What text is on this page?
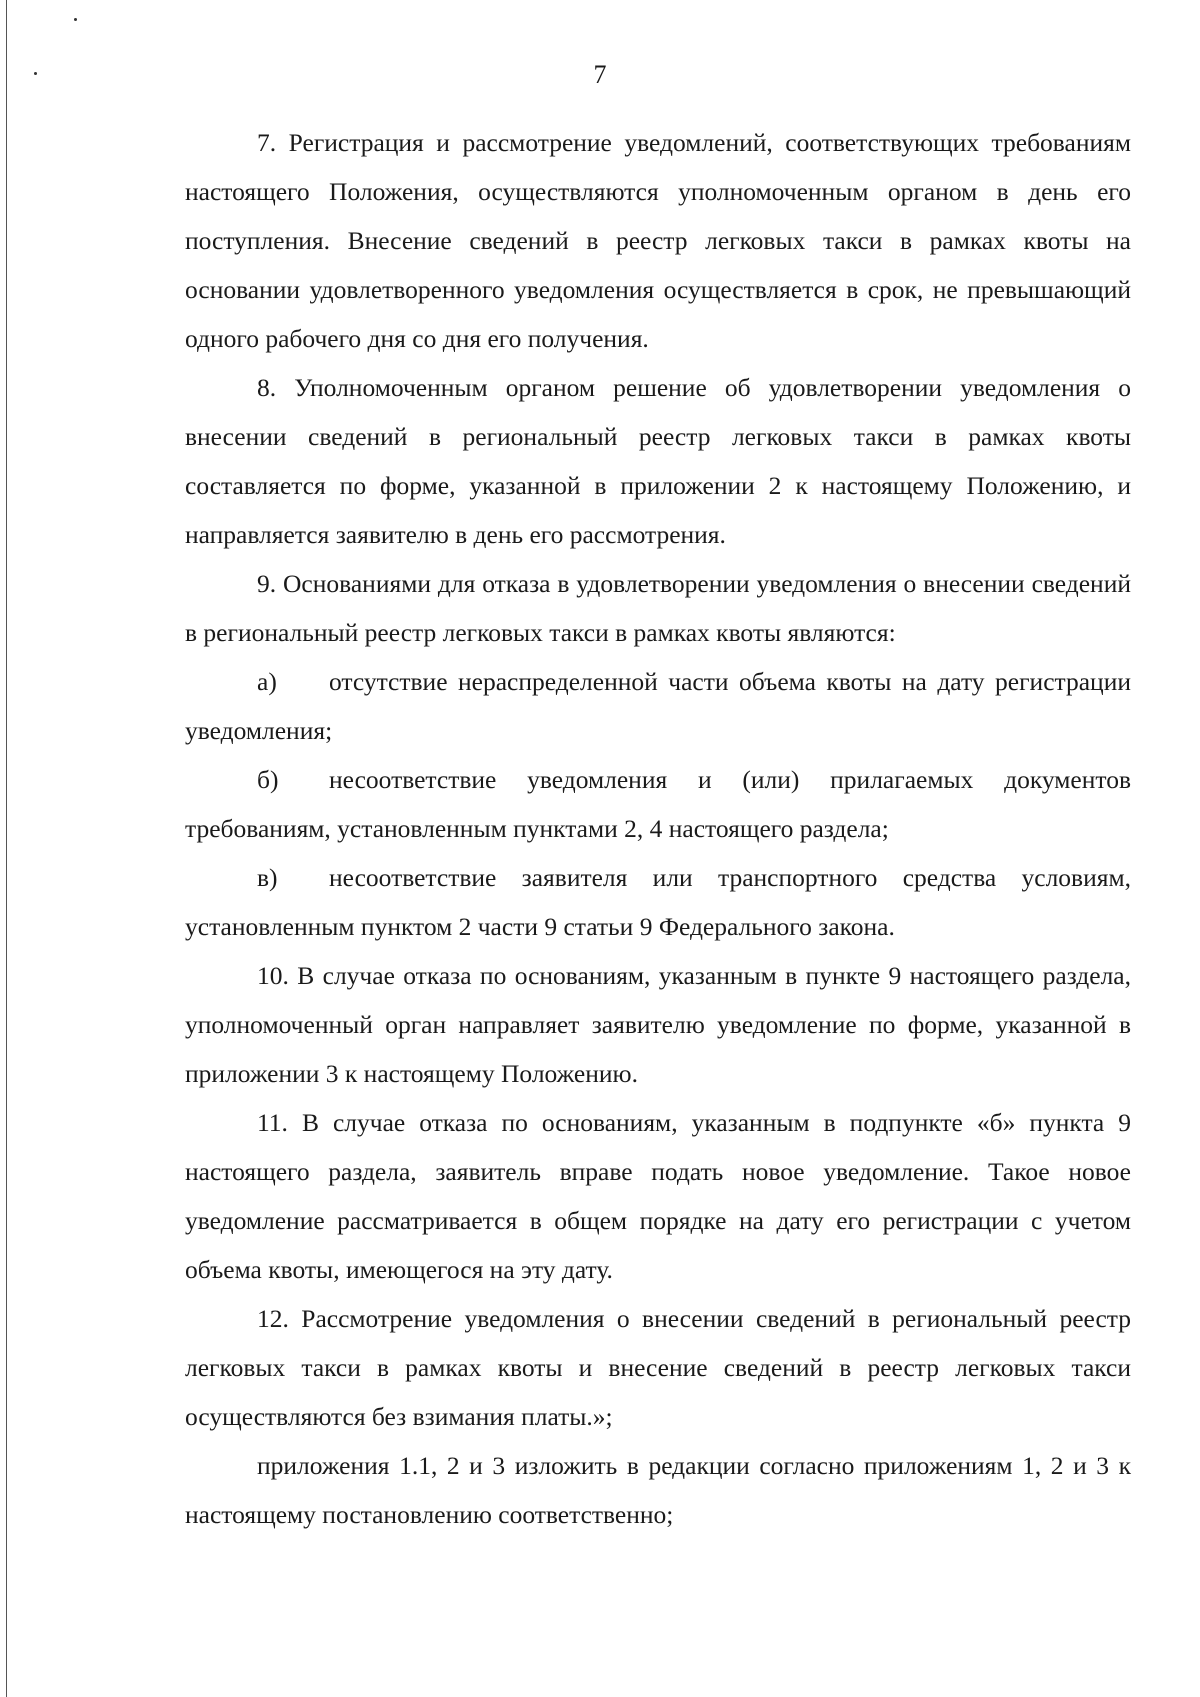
7

7. Регистрация и рассмотрение уведомлений, соответствующих требованиям настоящего Положения, осуществляются уполномоченным органом в день его поступления. Внесение сведений в реестр легковых такси в рамках квоты на основании удовлетворенного уведомления осуществляется в срок, не превышающий одного рабочего дня со дня его получения.

8. Уполномоченным органом решение об удовлетворении уведомления о внесении сведений в региональный реестр легковых такси в рамках квоты составляется по форме, указанной в приложении 2 к настоящему Положению, и направляется заявителю в день его рассмотрения.

9. Основаниями для отказа в удовлетворении уведомления о внесении сведений в региональный реестр легковых такси в рамках квоты являются:

а) отсутствие нераспределенной части объема квоты на дату регистрации уведомления;

б) несоответствие уведомления и (или) прилагаемых документов требованиям, установленным пунктами 2, 4 настоящего раздела;

в) несоответствие заявителя или транспортного средства условиям, установленным пунктом 2 части 9 статьи 9 Федерального закона.

10. В случае отказа по основаниям, указанным в пункте 9 настоящего раздела, уполномоченный орган направляет заявителю уведомление по форме, указанной в приложении 3 к настоящему Положению.

11. В случае отказа по основаниям, указанным в подпункте «б» пункта 9 настоящего раздела, заявитель вправе подать новое уведомление. Такое новое уведомление рассматривается в общем порядке на дату его регистрации с учетом объема квоты, имеющегося на эту дату.

12. Рассмотрение уведомления о внесении сведений в региональный реестр легковых такси в рамках квоты и внесение сведений в реестр легковых такси осуществляются без взимания платы.»;

приложения 1.1, 2 и 3 изложить в редакции согласно приложениям 1, 2 и 3 к настоящему постановлению соответственно;
